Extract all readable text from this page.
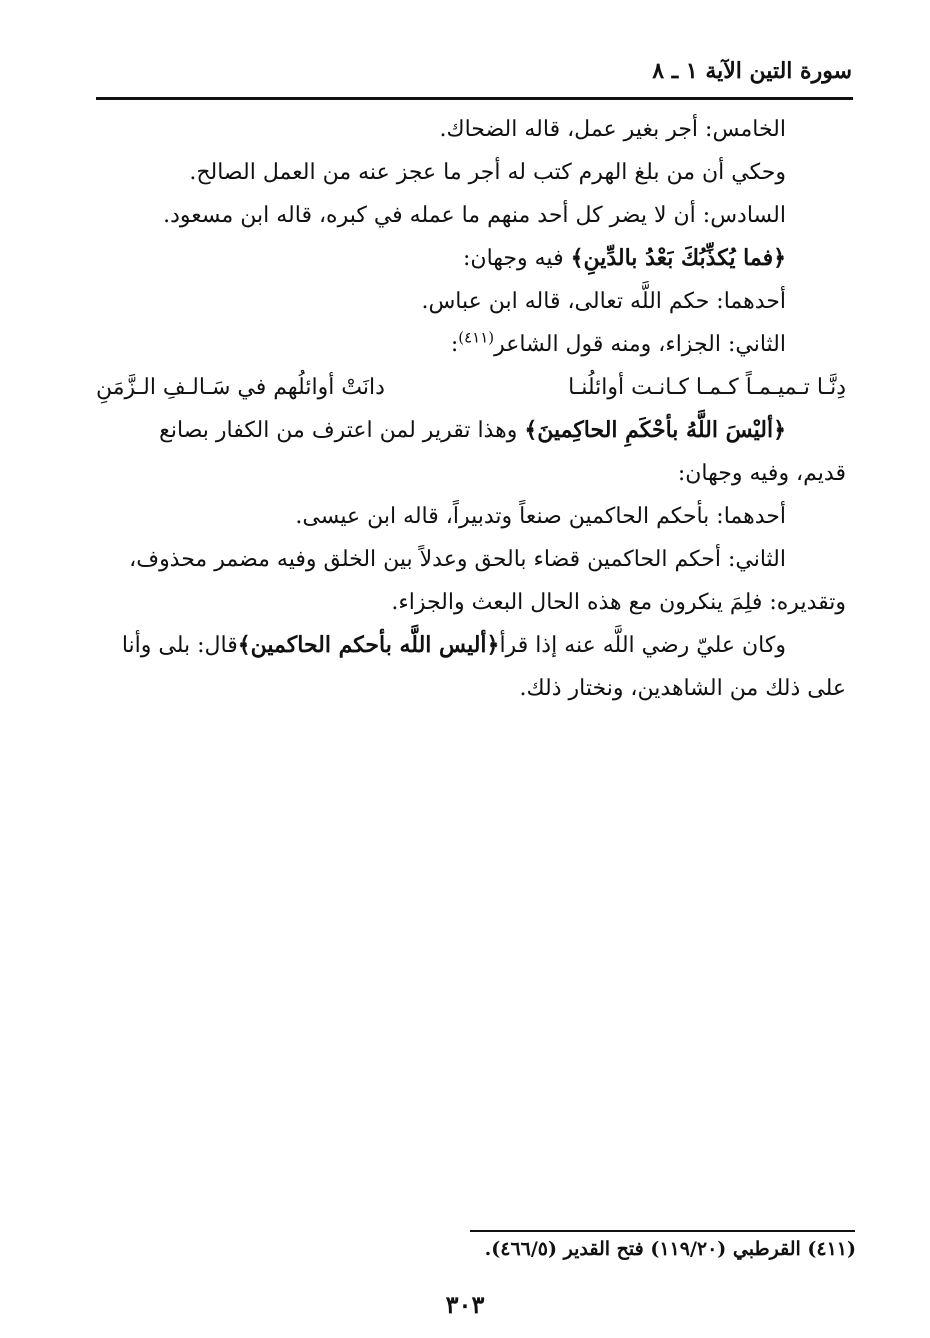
سورة التين الآية ١ ـ ٨
الخامس: أجر بغير عمل، قاله الضحاك.
وحكي أن من بلغ الهرم كتب له أجر ما عجز عنه من العمل الصالح.
السادس: أن لا يضر كل أحد منهم ما عمله في كبره، قاله ابن مسعود.
﴿فما يُكذِّبُكَ بَعْدُ بالدِّينِ﴾ فيه وجهان:
أحدهما: حكم اللَّه تعالى، قاله ابن عباس.
الثاني: الجزاء، ومنه قول الشاعر$^{(٤١١)}$:
دِنَّـا تـميـمـاً كـمـا كـانـت أوائلُنـا
دانَتْ أوائلُهم في سَـالـفِ الـزَّمَنِ
﴿أليْسَ اللَّهُ بأحْكَمِ الحاكِمينَ﴾ وهذا تقرير لمن اعترف من الكفار بصانع
قديم، وفيه وجهان:
أحدهما: بأحكم الحاكمين صنعاً وتدبيراً، قاله ابن عيسى.
الثاني: أحكم الحاكمين قضاء بالحق وعدلاً بين الخلق وفيه مضمر محذوف،
وتقديره: فلِمَ ينكرون مع هذه الحال البعث والجزاء.
وكان عليّ رضي اللَّه عنه إذا قرأ﴿أليس اللَّه بأحكم الحاكمين﴾قال: بلى وأنا
على ذلك من الشاهدين، ونختار ذلك.
(٤١١) القرطبي (١١٩/٢٠) فتح القدير (٤٦٦/٥).
٣٠٣
